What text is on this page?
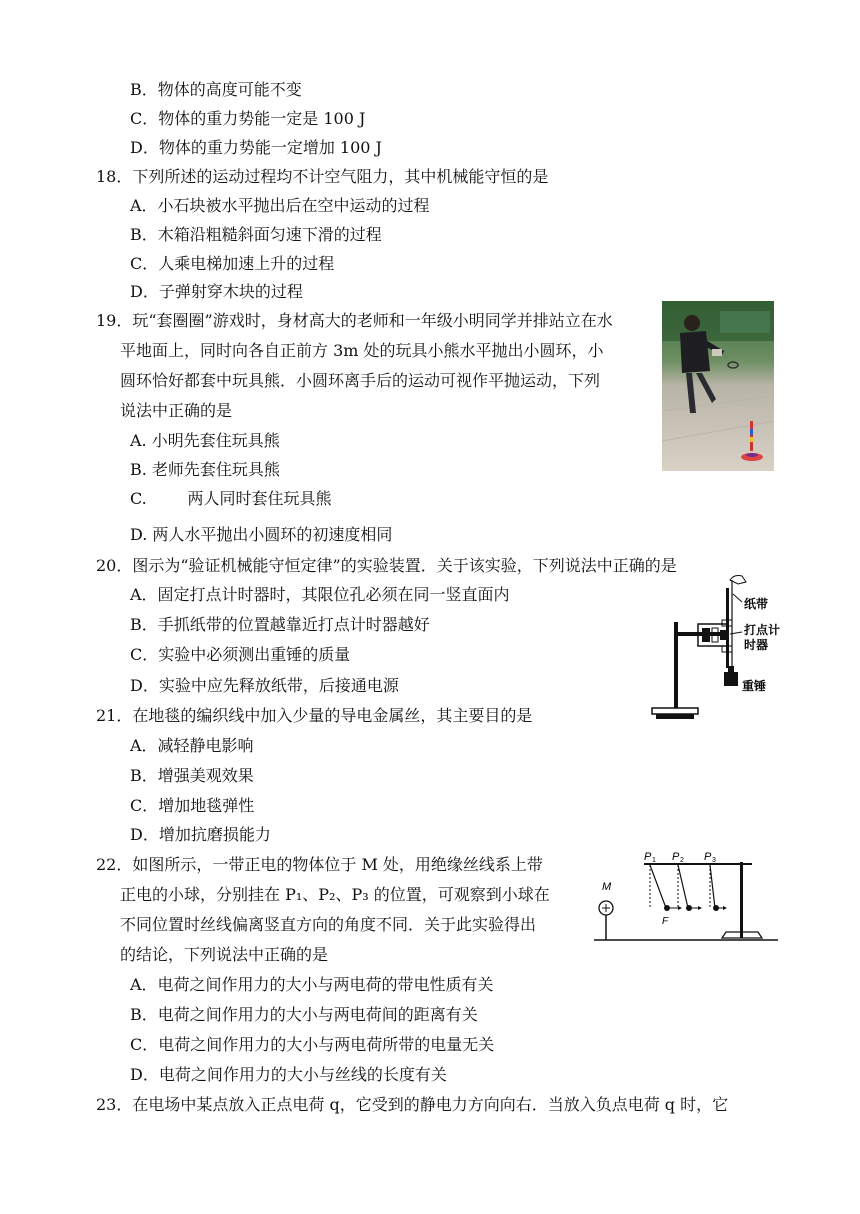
B．物体的高度可能不变
C．物体的重力势能一定是 100 J
D．物体的重力势能一定增加 100 J
18．下列所述的运动过程均不计空气阻力，其中机械能守恒的是
A．小石块被水平抛出后在空中运动的过程
B．木箱沿粗糙斜面匀速下滑的过程
C．人乘电梯加速上升的过程
D．子弹射穿木块的过程
19．玩“套圈圈”游戏时，身材高大的老师和一年级小明同学并排站立在水
平地面上，同时向各自正前方 3m 处的玩具小熊水平抛出小圆环，小
圆环恰好都套中玩具熊．小圆环离手后的运动可视作平抛运动，下列
说法中正确的是
A. 小明先套住玩具熊
B. 老师先套住玩具熊
C.        两人同时套住玩具熊
D. 两人水平抛出小圆环的初速度相同
20．图示为“验证机械能守恒定律”的实验装置．关于该实验，下列说法中正确的是
A．固定打点计时器时，其限位孔必须在同一竖直面内
B．手抓纸带的位置越靠近打点计时器越好
C．实验中必须测出重锤的质量
D．实验中应先释放纸带，后接通电源
纸带
打点计
时器
重锤
21．在地毯的编织线中加入少量的导电金属丝，其主要目的是
A．减轻静电影响
B．增强美观效果
C．增加地毯弹性
D．增加抗磨损能力
22．如图所示，一带正电的物体位于 M 处，用绝缘丝线系上带
正电的小球，分别挂在 P₁、P₂、P₃ 的位置，可观察到小球在
不同位置时丝线偏离竖直方向的角度不同．关于此实验得出
的结论，下列说法中正确的是
A．电荷之间作用力的大小与两电荷的带电性质有关
B．电荷之间作用力的大小与两电荷间的距离有关
C．电荷之间作用力的大小与两电荷所带的电量无关
D．电荷之间作用力的大小与丝线的长度有关
P 1 P 2 P 3
F
M
23．在电场中某点放入正点电荷 q，它受到的静电力方向向右．当放入负点电荷 q 时，它
